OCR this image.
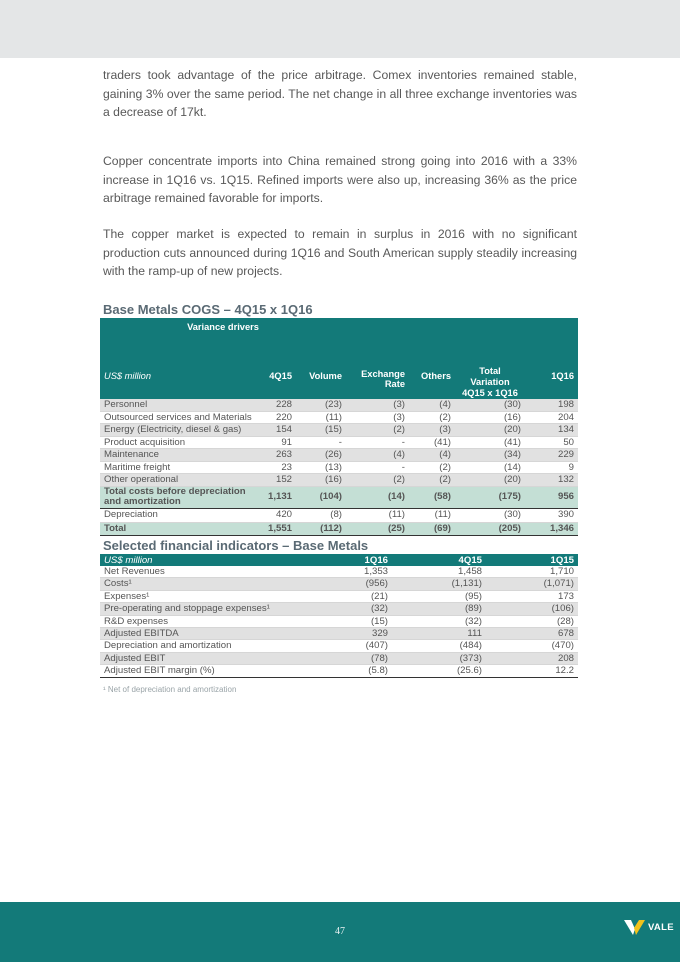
traders took advantage of the price arbitrage. Comex inventories remained stable, gaining 3% over the same period. The net change in all three exchange inventories was a decrease of 17kt.

Copper concentrate imports into China remained strong going into 2016 with a 33% increase in 1Q16 vs. 1Q15. Refined imports were also up, increasing 36% as the price arbitrage remained favorable for imports.

The copper market is expected to remain in surplus in 2016 with no significant production cuts announced during 1Q16 and South American supply steadily increasing with the ramp-up of new projects.

Base Metals COGS – 4Q15 x 1Q16
Variance drivers						
US$ million	4Q15	Volume	Exchange Rate	Others	Total Variation 4Q15 x 1Q16	1Q16
Personnel	228	(23)	(3)	(4)	(30)	198
Outsourced services and Materials	220	(11)	(3)	(2)	(16)	204
Energy (Electricity, diesel & gas)	154	(15)	(2)	(3)	(20)	134
Product acquisition	91	-	-	(41)	(41)	50
Maintenance	263	(26)	(4)	(4)	(34)	229
Maritime freight	23	(13)	-	(2)	(14)	9
Other operational	152	(16)	(2)	(2)	(20)	132
Total costs before depreciation and amortization	1,131	(104)	(14)	(58)	(175)	956
Depreciation	420	(8)	(11)	(11)	(30)	390
Total	1,551	(112)	(25)	(69)	(205)	1,346
Selected financial indicators – Base Metals
US$ million	1Q16	4Q15	1Q15
Net Revenues	1,353	1,458	1,710
Costs¹	(956)	(1,131)	(1,071)
Expenses¹	(21)	(95)	173
Pre-operating and stoppage expenses¹	(32)	(89)	(106)
R&D expenses	(15)	(32)	(28)
Adjusted EBITDA	329	111	678
Depreciation and amortization	(407)	(484)	(470)
Adjusted EBIT	(78)	(373)	208
Adjusted EBIT margin (%)	(5.8)	(25.6)	12.2

¹ Net of depreciation and amortization

47	VALE
